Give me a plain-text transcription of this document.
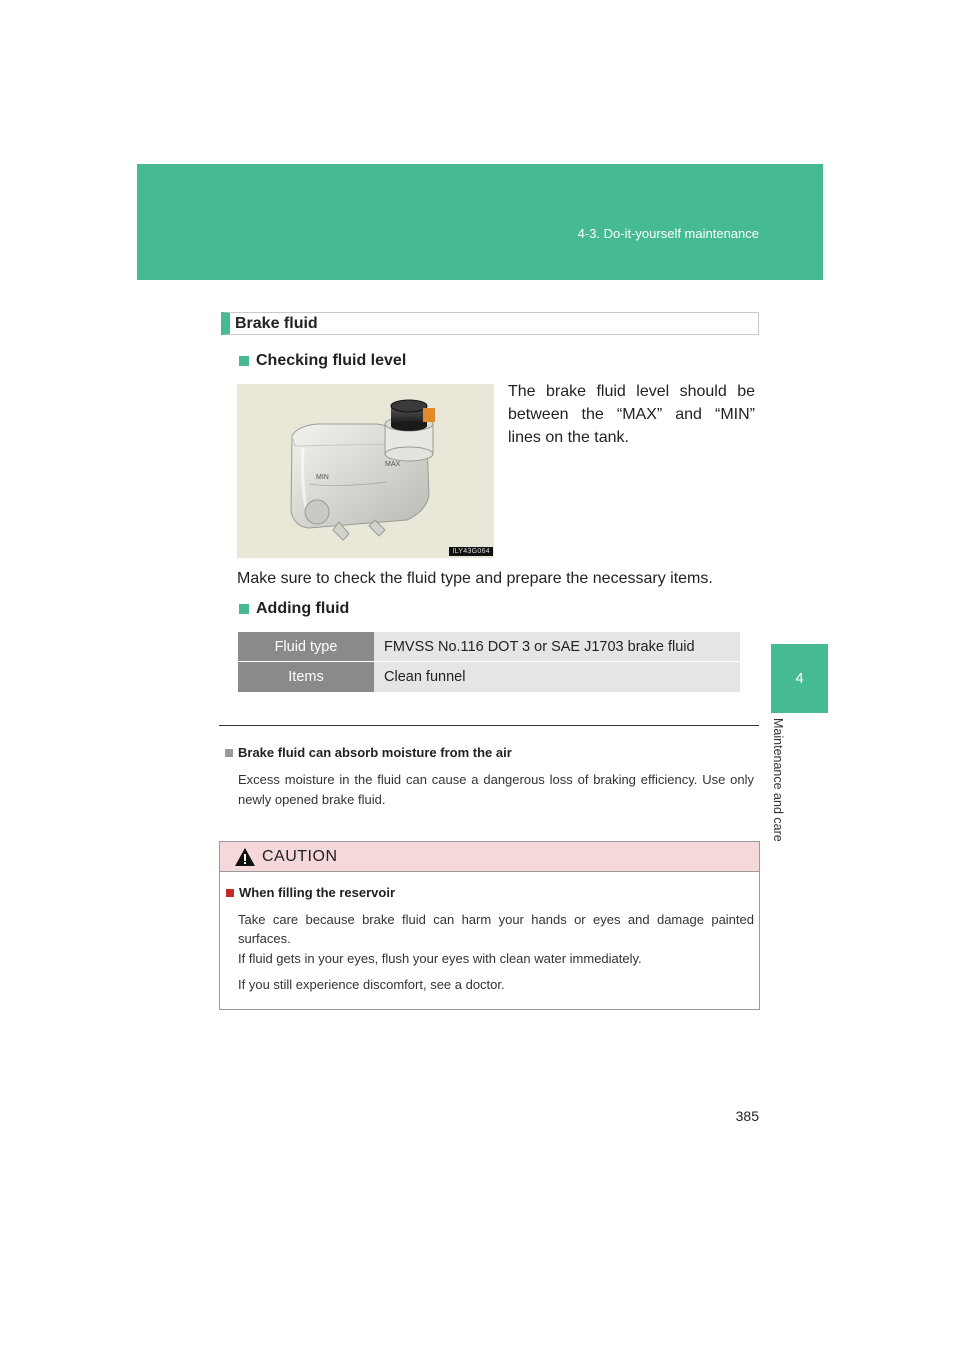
4-3. Do-it-yourself maintenance
4
Maintenance and care
Brake fluid
Checking fluid level
MAX
MIN
ILY43G064
The brake fluid level should be between the “MAX” and “MIN” lines on the tank.
Make sure to check the fluid type and prepare the necessary items.
Adding fluid
Fluid type	FMVSS No.116 DOT 3 or SAE J1703 brake fluid
Items	Clean funnel
Brake fluid can absorb moisture from the air
Excess moisture in the fluid can cause a dangerous loss of braking efficiency. Use only newly opened brake fluid.
CAUTION
When filling the reservoir
Take care because brake fluid can harm your hands or eyes and damage painted surfaces.
If fluid gets in your eyes, flush your eyes with clean water immediately.
If you still experience discomfort, see a doctor.
385
